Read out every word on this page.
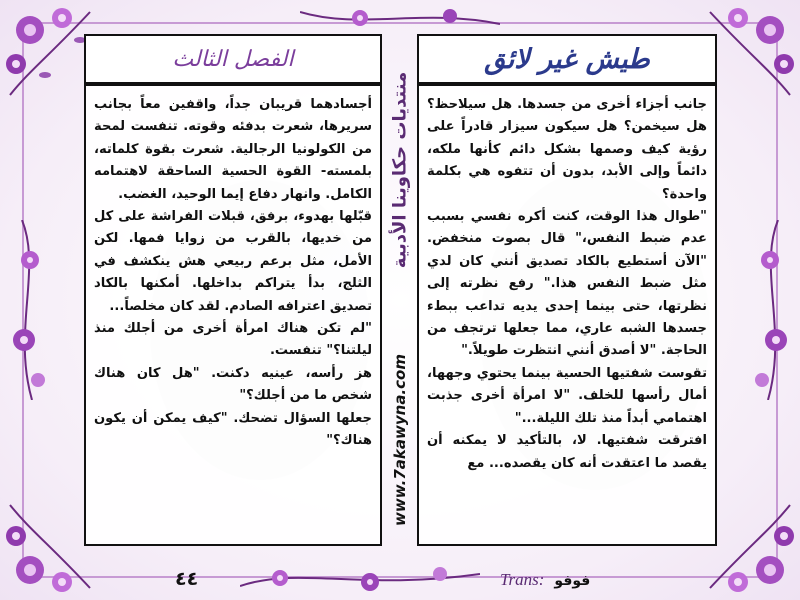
الفصل الثالث	طيش غير لائق

أجسادهما قريبان جداً، واقفين معاً بجانب سريرها، شعرت بدفئه وقوته. تنفست لمحة من الكولونيا الرجالية. شعرت بقوة كلماته، بلمسته- القوة الحسية الساحقة لاهتمامه الكامل. وانهار دفاع إيما الوحيد، الغضب.

قبّلها بهدوء، برفق، قبلات الفراشة على كل من خديها، بالقرب من زوايا فمها. لكن الأمل، مثل برعم ربيعي هش ينكشف في الثلج، بدأ يتراكم بداخلها. أمكنها بالكاد تصديق اعترافه الصادم. لقد كان مخلصاً...

"لم تكن هناك امرأة أخرى من أجلك منذ ليلتنا؟" تنفست.

هز رأسه، عينيه دكنت. "هل كان هناك شخص ما من أجلك؟"

جعلها السؤال تضحك. "كيف يمكن أن يكون هناك؟"

جانب أجزاء أخرى من جسدها. هل سيلاحظ؟ هل سيخمن؟ هل سيكون سيزار قادراً على رؤية كيف وصمها بشكل دائم كأنها ملكه، دائماً وإلى الأبد، بدون أن تتفوه هي بكلمة واحدة؟

"طوال هذا الوقت، كنت أكره نفسي بسبب عدم ضبط النفس،" قال بصوت منخفض. "الآن أستطيع بالكاد تصديق أنني كان لدي مثل ضبط النفس هذا." رفع نظرته إلى نظرتها، حتى بينما إحدى يديه تداعب ببطء جسدها الشبه عاري، مما جعلها ترتجف من الحاجة. "لا أصدق أنني انتظرت طويلاً."

تقوست شفتيها الحسية بينما يحتوي وجهها، أمال رأسها للخلف. "لا امرأة أخرى جذبت اهتمامي أبداً منذ تلك الليلة..."

افترقت شفتيها. لا، بالتأكيد لا يمكنه أن يقصد ما اعتقدت أنه كان يقصده... مع

منتديات حكاوينا الأدبية
www.7akawyna.com
٤٤	Trans: فوفو
